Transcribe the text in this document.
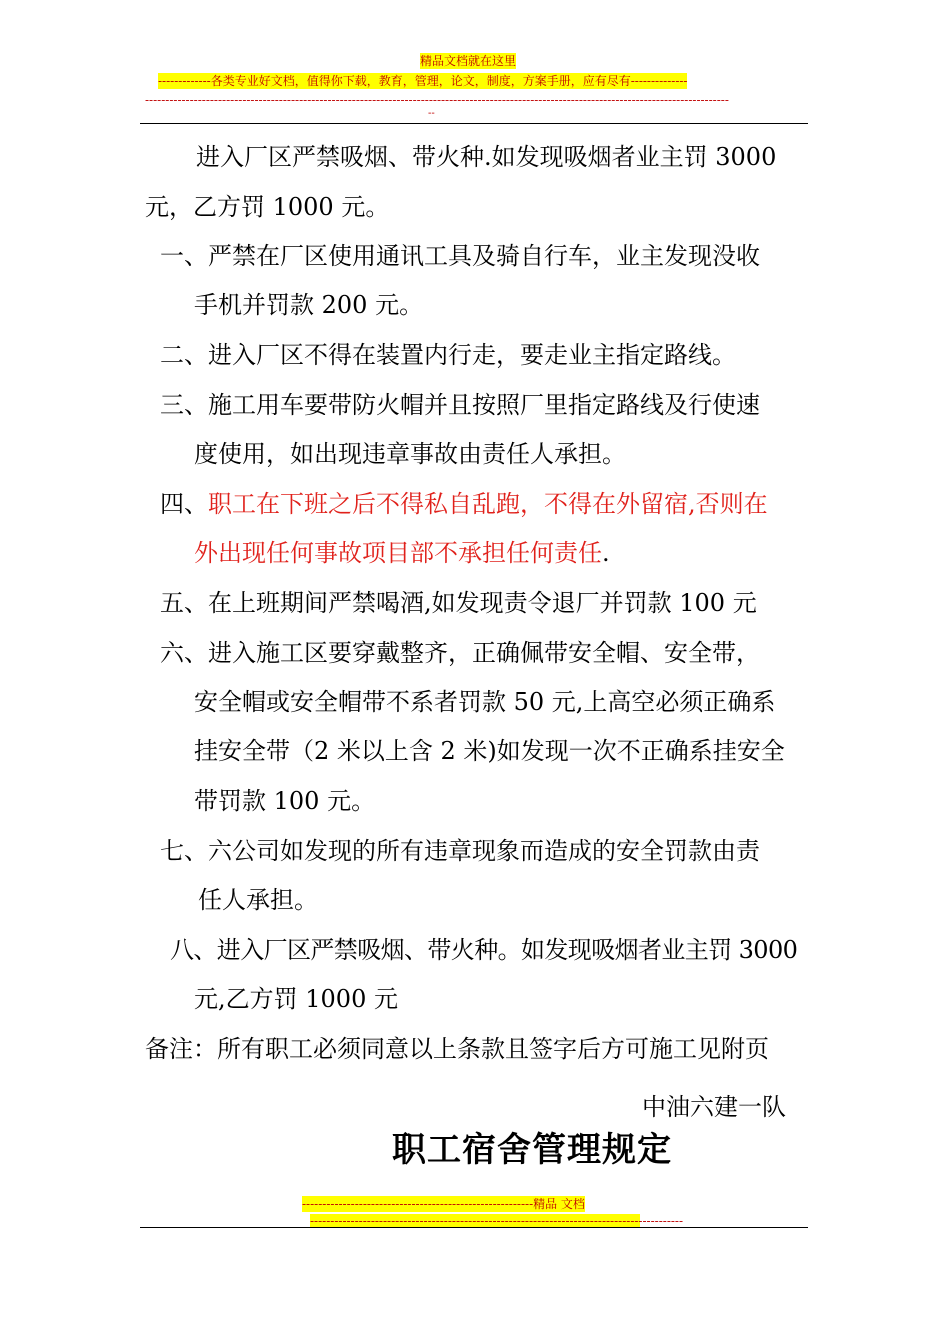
精品文档就在这里
-------------各类专业好文档，值得你下载，教育，管理，论文，制度，方案手册，应有尽有--------------
------------------------------------------------------------------------------------------------------------------------------------------------
--
进入厂区严禁吸烟、带火种.如发现吸烟者业主罚 3000
元，乙方罚 1000 元。
一、严禁在厂区使用通讯工具及骑自行车，业主发现没收
手机并罚款 200 元。
二、进入厂区不得在装置内行走，要走业主指定路线。
三、施工用车要带防火帽并且按照厂里指定路线及行使速
度使用，如出现违章事故由责任人承担。
四、职工在下班之后不得私自乱跑，不得在外留宿,否则在
外出现任何事故项目部不承担任何责任.
五、在上班期间严禁喝酒,如发现责令退厂并罚款 100 元
六、进入施工区要穿戴整齐，正确佩带安全帽、安全带，
安全帽或安全帽带不系者罚款 50 元,上高空必须正确系
挂安全带（2 米以上含 2 米)如发现一次不正确系挂安全
带罚款 100 元。
七、六公司如发现的所有违章现象而造成的安全罚款由责
任人承担。
八、进入厂区严禁吸烟、带火种。如发现吸烟者业主罚 3000
元,乙方罚 1000 元
备注：所有职工必须同意以上条款且签字后方可施工见附页
中油六建一队
职工宿舍管理规定
---------------------------------------------------------精品 文档
--------------------------------------------------------------------------------------------
